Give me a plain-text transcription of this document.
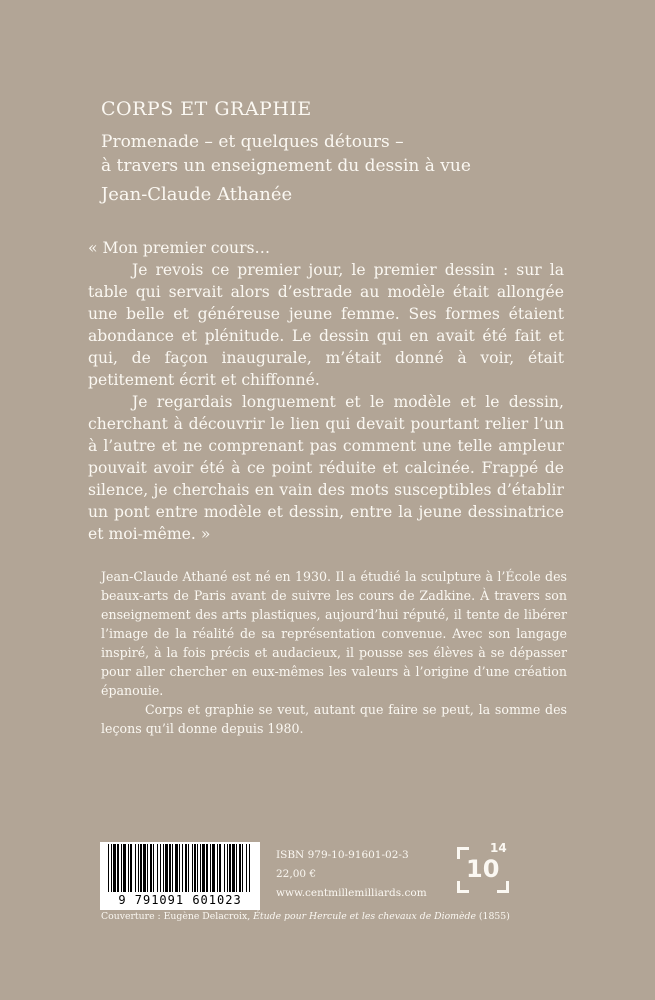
CORPS ET GRAPHIE
Promenade – et quelques détours –
à travers un enseignement du dessin à vue
Jean-Claude Athanée

« Mon premier cours…

Je revois ce premier jour, le premier dessin : sur la table qui servait alors d’estrade au modèle était allongée une belle et généreuse jeune femme. Ses formes étaient abondance et plénitude. Le dessin qui en avait été fait et qui, de façon inaugurale, m’était donné à voir, était petitement écrit et chiffonné.

Je regardais longuement et le modèle et le dessin, cherchant à découvrir le lien qui devait pourtant relier l’un à l’autre et ne comprenant pas comment une telle ampleur pouvait avoir été à ce point réduite et calcinée. Frappé de silence, je cherchais en vain des mots susceptibles d’établir un pont entre modèle et dessin, entre la jeune dessinatrice et moi-même. »

Jean-Claude Athané est né en 1930. Il a étudié la sculpture à l’École des beaux-arts de Paris avant de suivre les cours de Zadkine. À travers son enseignement des arts plastiques, aujourd’hui réputé, il tente de libérer l’image de la réalité de sa représentation convenue. Avec son langage inspiré, à la fois précis et audacieux, il pousse ses élèves à se dépasser pour aller chercher en eux-mêmes les valeurs à l’origine d’une création épanouie.

Corps et graphie se veut, autant que faire se peut, la somme des leçons qu’il donne depuis 1980.

9 791091 601023
ISBN 979-10-91601-02-3
22,00 €
www.centmillemilliards.com
10
14
Couverture : Eugène Delacroix, Étude pour Hercule et les chevaux de Diomède (1855)
